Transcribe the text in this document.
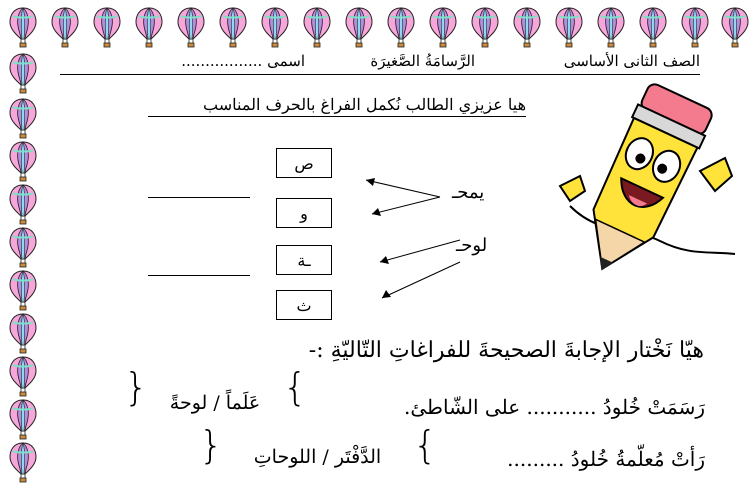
الصف الثانى الأساسى
الرَّسامَةُ الصَّغيرَة
اسمى .................
هيا عزيزي الطالب نُكمل الفراغ بالحرف المناسب
يمحـ
لوحـ
ص
و
ـة
ث
هيّا نَخْتار الإجابةَ الصحيحةَ للفراغاتِ التّاليّةِ :-
رَسَمَتْ خُلودُ ........... على الشّاطئ.
{
عَلَماً / لوحةً
}
رَأتْ مُعلّمةُ خُلودُ .........
{
الدَّفْتَر / اللوحاتِ
}
